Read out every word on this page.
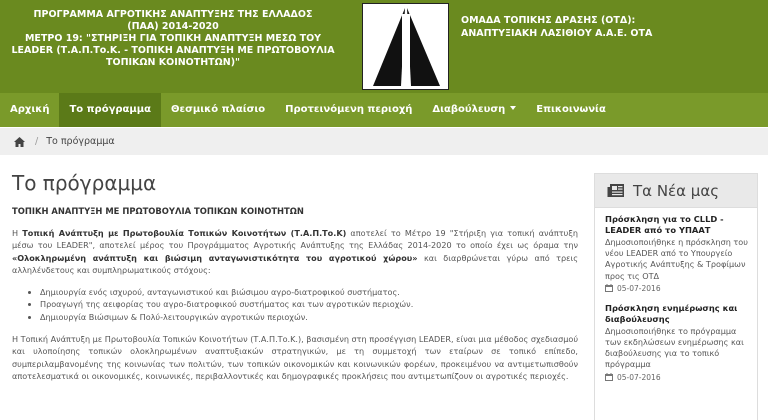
ΠΡΟΓΡΑΜΜΑ ΑΓΡΟΤΙΚΗΣ ΑΝΑΠΤΥΞΗΣ ΤΗΣ ΕΛΛΑΔΟΣ
(ΠΑΑ) 2014-2020
ΜΕΤΡΟ 19: "ΣΤΗΡΙΞΗ ΓΙΑ ΤΟΠΙΚΗ ΑΝΑΠΤΥΞΗ ΜΕΣΩ ΤΟΥ
LEADER (Τ.Α.Π.Το.Κ. - ΤΟΠΙΚΗ ΑΝΑΠΤΥΞΗ ΜΕ ΠΡΩΤΟΒΟΥΛΙΑ
ΤΟΠΙΚΩΝ ΚΟΙΝΟΤΗΤΩΝ)"
ΟΜΑΔΑ ΤΟΠΙΚΗΣ ΔΡΑΣΗΣ (ΟΤΔ):
ΑΝΑΠΤΥΞΙΑΚΗ ΛΑΣΙΘΙΟΥ Α.Α.Ε. ΟΤΑ
Αρχική	Το πρόγραμμα	Θεσμικό πλαίσιο	Προτεινόμενη περιοχή	Διαβούλευση	Επικοινωνία
/ Το πρόγραμμα
Το πρόγραμμα
ΤΟΠΙΚΗ ΑΝΑΠΤΥΞΗ ΜΕ ΠΡΩΤΟΒΟΥΛΙΑ ΤΟΠΙΚΩΝ ΚΟΙΝΟΤΗΤΩΝ

Η Τοπική Ανάπτυξη με Πρωτοβουλία Τοπικών Κοινοτήτων (Τ.Α.Π.Το.Κ) αποτελεί το Μέτρο 19 "Στήριξη για τοπική ανάπτυξη μέσω του LEADER", αποτελεί μέρος του Προγράμματος Αγροτικής Ανάπτυξης της Ελλάδας 2014-2020 το οποίο έχει ως όραμα την «Ολοκληρωμένη ανάπτυξη και βιώσιμη ανταγωνιστικότητα του αγροτικού χώρου» και διαρθρώνεται γύρω από τρεις αλληλένδετους και συμπληρωματικούς στόχους:

• Δημιουργία ενός ισχυρού, ανταγωνιστικού και βιώσιμου αγρο-διατροφικού συστήματος.
• Προαγωγή της αειφορίας του αγρο-διατροφικού συστήματος και των αγροτικών περιοχών.
• Δημιουργία Βιώσιμων & Πολύ-λειτουργικών αγροτικών περιοχών.

Η Τοπική Ανάπτυξη με Πρωτοβουλία Τοπικών Κοινοτήτων (Τ.Α.Π.Το.Κ.), βασισμένη στη προσέγγιση LEADER, είναι μια μέθοδος σχεδιασμού και υλοποίησης τοπικών ολοκληρωμένων αναπτυξιακών στρατηγικών, με τη συμμετοχή των εταίρων σε τοπικό επίπεδο, συμπεριλαμβανομένης της κοινωνίας των πολιτών, των τοπικών οικονομικών και κοινωνικών φορέων, προκειμένου να αντιμετωπισθούν αποτελεσματικά οι οικονομικές, κοινωνικές, περιβαλλοντικές και δημογραφικές προκλήσεις που αντιμετωπίζουν οι αγροτικές περιοχές.

Τα Νέα μας
Πρόσκληση για το CLLD - LEADER από το ΥΠΑΑΤ
Δημοσιοποιήθηκε η πρόσκληση του νέου LEADER από το Υπουργείο Αγροτικής Ανάπτυξης & Τροφίμων προς τις ΟΤΔ
05-07-2016
Πρόσκληση ενημέρωσης και διαβούλευσης
Δημοσιοποιήθηκε το πρόγραμμα των εκδηλώσεων ενημέρωσης και διαβούλευσης για το τοπικό πρόγραμμα
05-07-2016
